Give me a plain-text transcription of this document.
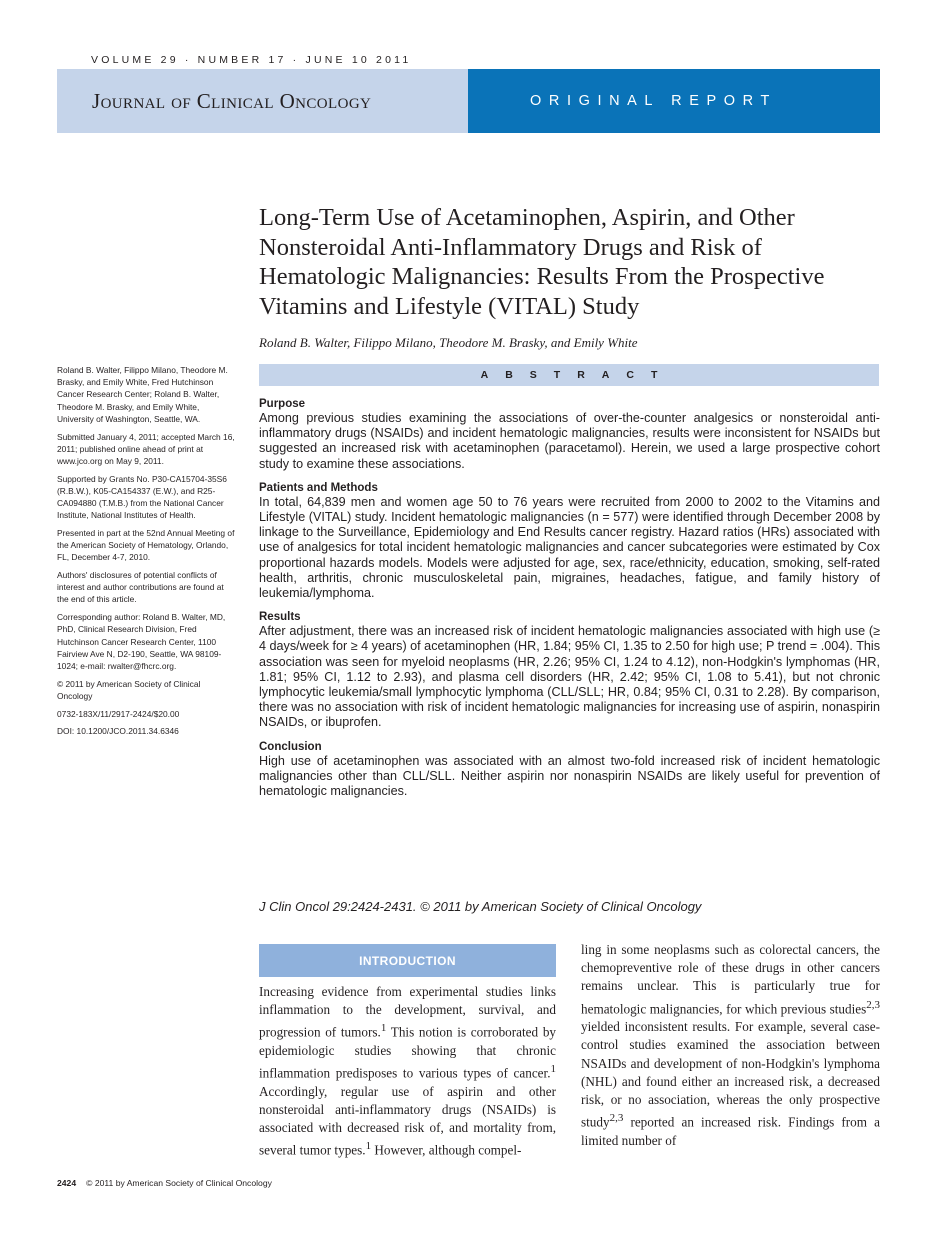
VOLUME 29 · NUMBER 17 · JUNE 10 2011
Journal of Clinical Oncology	ORIGINAL REPORT
Long-Term Use of Acetaminophen, Aspirin, and Other Nonsteroidal Anti-Inflammatory Drugs and Risk of Hematologic Malignancies: Results From the Prospective Vitamins and Lifestyle (VITAL) Study
Roland B. Walter, Filippo Milano, Theodore M. Brasky, and Emily White

Roland B. Walter, Filippo Milano, Theodore M. Brasky, and Emily White, Fred Hutchinson Cancer Research Center; Roland B. Walter, Theodore M. Brasky, and Emily White, University of Washington, Seattle, WA.

Submitted January 4, 2011; accepted March 16, 2011; published online ahead of print at www.jco.org on May 9, 2011.

Supported by Grants No. P30-CA15704-35S6 (R.B.W.), K05-CA154337 (E.W.), and R25-CA094880 (T.M.B.) from the National Cancer Institute, National Institutes of Health.

Presented in part at the 52nd Annual Meeting of the American Society of Hematology, Orlando, FL, December 4-7, 2010.

Authors' disclosures of potential conflicts of interest and author contributions are found at the end of this article.

Corresponding author: Roland B. Walter, MD, PhD, Clinical Research Division, Fred Hutchinson Cancer Research Center, 1100 Fairview Ave N, D2-190, Seattle, WA 98109-1024; e-mail: rwalter@fhcrc.org.

© 2011 by American Society of Clinical Oncology

0732-183X/11/2917-2424/$20.00

DOI: 10.1200/JCO.2011.34.6346

ABSTRACT
Purpose
Among previous studies examining the associations of over-the-counter analgesics or nonsteroidal anti-inflammatory drugs (NSAIDs) and incident hematologic malignancies, results were inconsistent for NSAIDs but suggested an increased risk with acetaminophen (paracetamol). Herein, we used a large prospective cohort study to examine these associations.
Patients and Methods
In total, 64,839 men and women age 50 to 76 years were recruited from 2000 to 2002 to the Vitamins and Lifestyle (VITAL) study. Incident hematologic malignancies (n = 577) were identified through December 2008 by linkage to the Surveillance, Epidemiology and End Results cancer registry. Hazard ratios (HRs) associated with use of analgesics for total incident hematologic malignancies and cancer subcategories were estimated by Cox proportional hazards models. Models were adjusted for age, sex, race/ethnicity, education, smoking, self-rated health, arthritis, chronic musculoskeletal pain, migraines, headaches, fatigue, and family history of leukemia/lymphoma.
Results
After adjustment, there was an increased risk of incident hematologic malignancies associated with high use (≥ 4 days/week for ≥ 4 years) of acetaminophen (HR, 1.84; 95% CI, 1.35 to 2.50 for high use; P trend = .004). This association was seen for myeloid neoplasms (HR, 2.26; 95% CI, 1.24 to 4.12), non-Hodgkin's lymphomas (HR, 1.81; 95% CI, 1.12 to 2.93), and plasma cell disorders (HR, 2.42; 95% CI, 1.08 to 5.41), but not chronic lymphocytic leukemia/small lymphocytic lymphoma (CLL/SLL; HR, 0.84; 95% CI, 0.31 to 2.28). By comparison, there was no association with risk of incident hematologic malignancies for increasing use of aspirin, nonaspirin NSAIDs, or ibuprofen.
Conclusion
High use of acetaminophen was associated with an almost two-fold increased risk of incident hematologic malignancies other than CLL/SLL. Neither aspirin nor nonaspirin NSAIDs are likely useful for prevention of hematologic malignancies.
J Clin Oncol 29:2424-2431. © 2011 by American Society of Clinical Oncology
INTRODUCTION
Increasing evidence from experimental studies links inflammation to the development, survival, and progression of tumors.$^1$ This notion is corroborated by epidemiologic studies showing that chronic inflammation predisposes to various types of cancer.$^1$ Accordingly, regular use of aspirin and other nonsteroidal anti-inflammatory drugs (NSAIDs) is associated with decreased risk of, and mortality from, several tumor types.$^1$ However, although compel-
ling in some neoplasms such as colorectal cancers, the chemopreventive role of these drugs in other cancers remains unclear. This is particularly true for hematologic malignancies, for which previous studies$^{2,3}$ yielded inconsistent results. For example, several case-control studies examined the association between NSAIDs and development of non-Hodgkin's lymphoma (NHL) and found either an increased risk, a decreased risk, or no association, whereas the only prospective study$^{2,3}$ reported an increased risk. Findings from a limited number of
2424 © 2011 by American Society of Clinical Oncology
